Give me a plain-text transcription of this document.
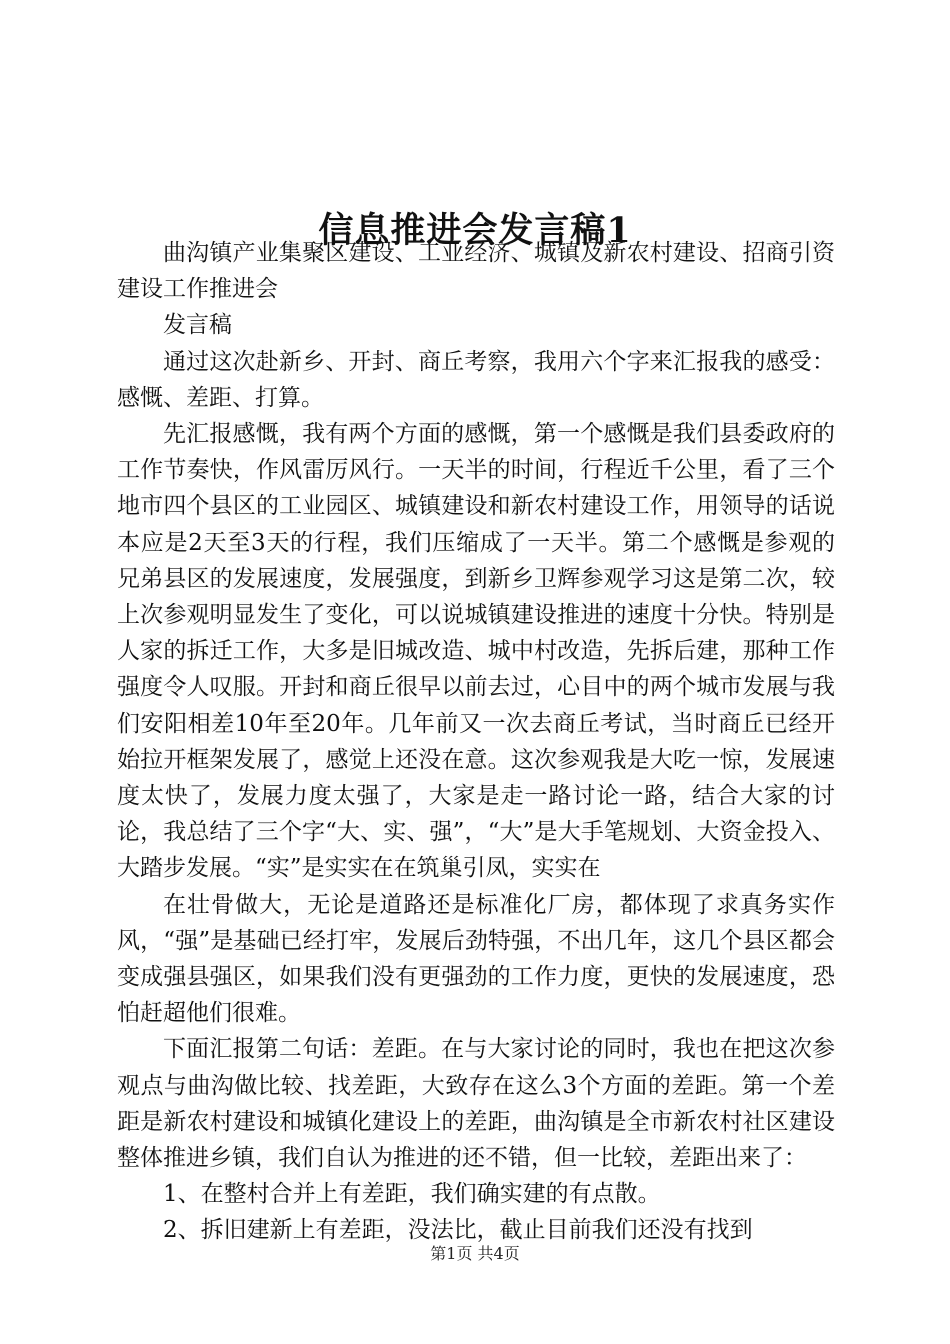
信息推进会发言稿1

曲沟镇产业集聚区建设、工业经济、城镇及新农村建设、招商引资建设工作推进会

发言稿

通过这次赴新乡、开封、商丘考察，我用六个字来汇报我的感受：感慨、差距、打算。

先汇报感慨，我有两个方面的感慨，第一个感慨是我们县委政府的工作节奏快，作风雷厉风行。一天半的时间，行程近千公里，看了三个地市四个县区的工业园区、城镇建设和新农村建设工作，用领导的话说本应是2天至3天的行程，我们压缩成了一天半。第二个感慨是参观的兄弟县区的发展速度，发展强度，到新乡卫辉参观学习这是第二次，较上次参观明显发生了变化，可以说城镇建设推进的速度十分快。特别是人家的拆迁工作，大多是旧城改造、城中村改造，先拆后建，那种工作强度令人叹服。开封和商丘很早以前去过，心目中的两个城市发展与我们安阳相差10年至20年。几年前又一次去商丘考试，当时商丘已经开始拉开框架发展了，感觉上还没在意。这次参观我是大吃一惊，发展速度太快了，发展力度太强了，大家是走一路讨论一路，结合大家的讨论，我总结了三个字“大、实、强”，“大”是大手笔规划、大资金投入、大踏步发展。“实”是实实在在筑巢引凤，实实在

在壮骨做大，无论是道路还是标准化厂房，都体现了求真务实作风，“强”是基础已经打牢，发展后劲特强，不出几年，这几个县区都会变成强县强区，如果我们没有更强劲的工作力度，更快的发展速度，恐怕赶超他们很难。

下面汇报第二句话：差距。在与大家讨论的同时，我也在把这次参观点与曲沟做比较、找差距，大致存在这么3个方面的差距。第一个差距是新农村建设和城镇化建设上的差距，曲沟镇是全市新农村社区建设整体推进乡镇，我们自认为推进的还不错，但一比较，差距出来了：

1、在整村合并上有差距，我们确实建的有点散。

2、拆旧建新上有差距，没法比，截止目前我们还没有找到

第1页 共4页
